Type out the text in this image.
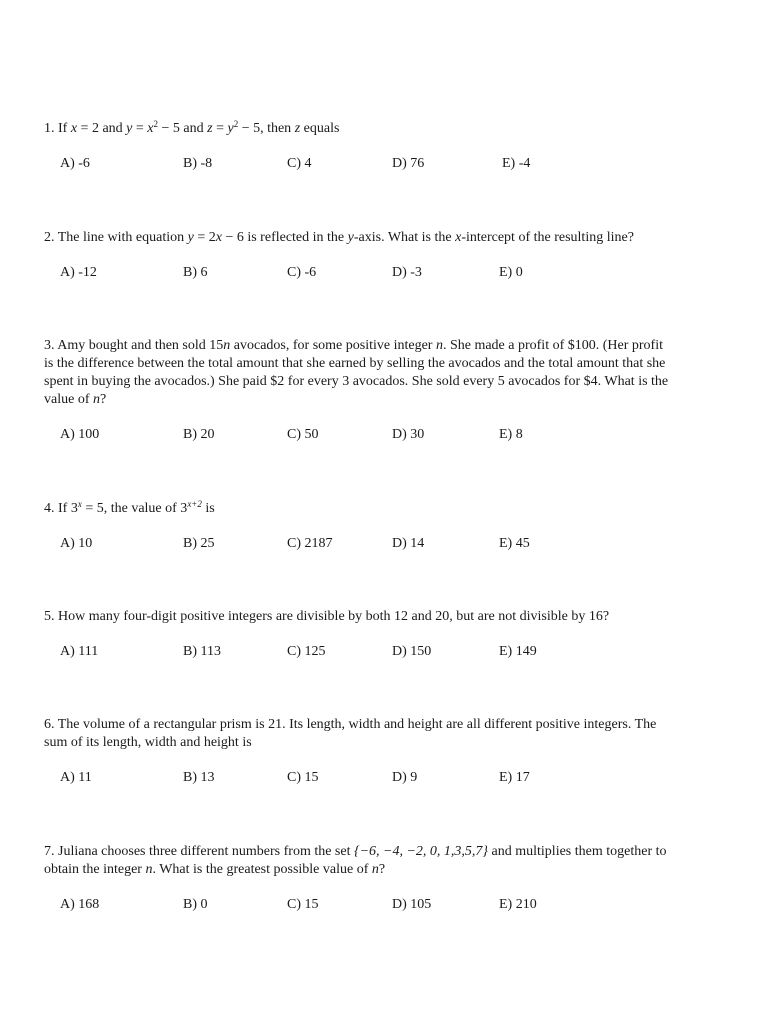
1. If x = 2 and $y = x^2 - 5$ and $z = y^2 - 5$, then z equals

A) -6	B) -8	C) 4	D) 76	E) -4

2. The line with equation y = 2x − 6 is reflected in the y-axis. What is the x-intercept of the resulting line?

A) -12	B) 6	C) -6	D) -3	E) 0

3. Amy bought and then sold 15n avocados, for some positive integer n. She made a profit of $100. (Her profit
is the difference between the total amount that she earned by selling the avocados and the total amount that she
spent in buying the avocados.) She paid $2 for every 3 avocados. She sold every 5 avocados for $4. What is the
value of n?

A) 100	B) 20	C) 50	D) 30	E) 8

4. If $3^x = 5$, the value of $3^{x+2}$ is

A) 10	B) 25	C) 2187	D) 14	E) 45

5. How many four-digit positive integers are divisible by both 12 and 20, but are not divisible by 16?

A) 111	B) 113	C) 125	D) 150	E) 149

6. The volume of a rectangular prism is 21. Its length, width and height are all different positive integers. The
sum of its length, width and height is

A) 11	B) 13	C) 15	D) 9	E) 17

7. Juliana chooses three different numbers from the set {−6, −4, −2, 0, 1,3,5,7} and multiplies them together to
obtain the integer n. What is the greatest possible value of n?

A) 168	B) 0	C) 15	D) 105	E) 210
